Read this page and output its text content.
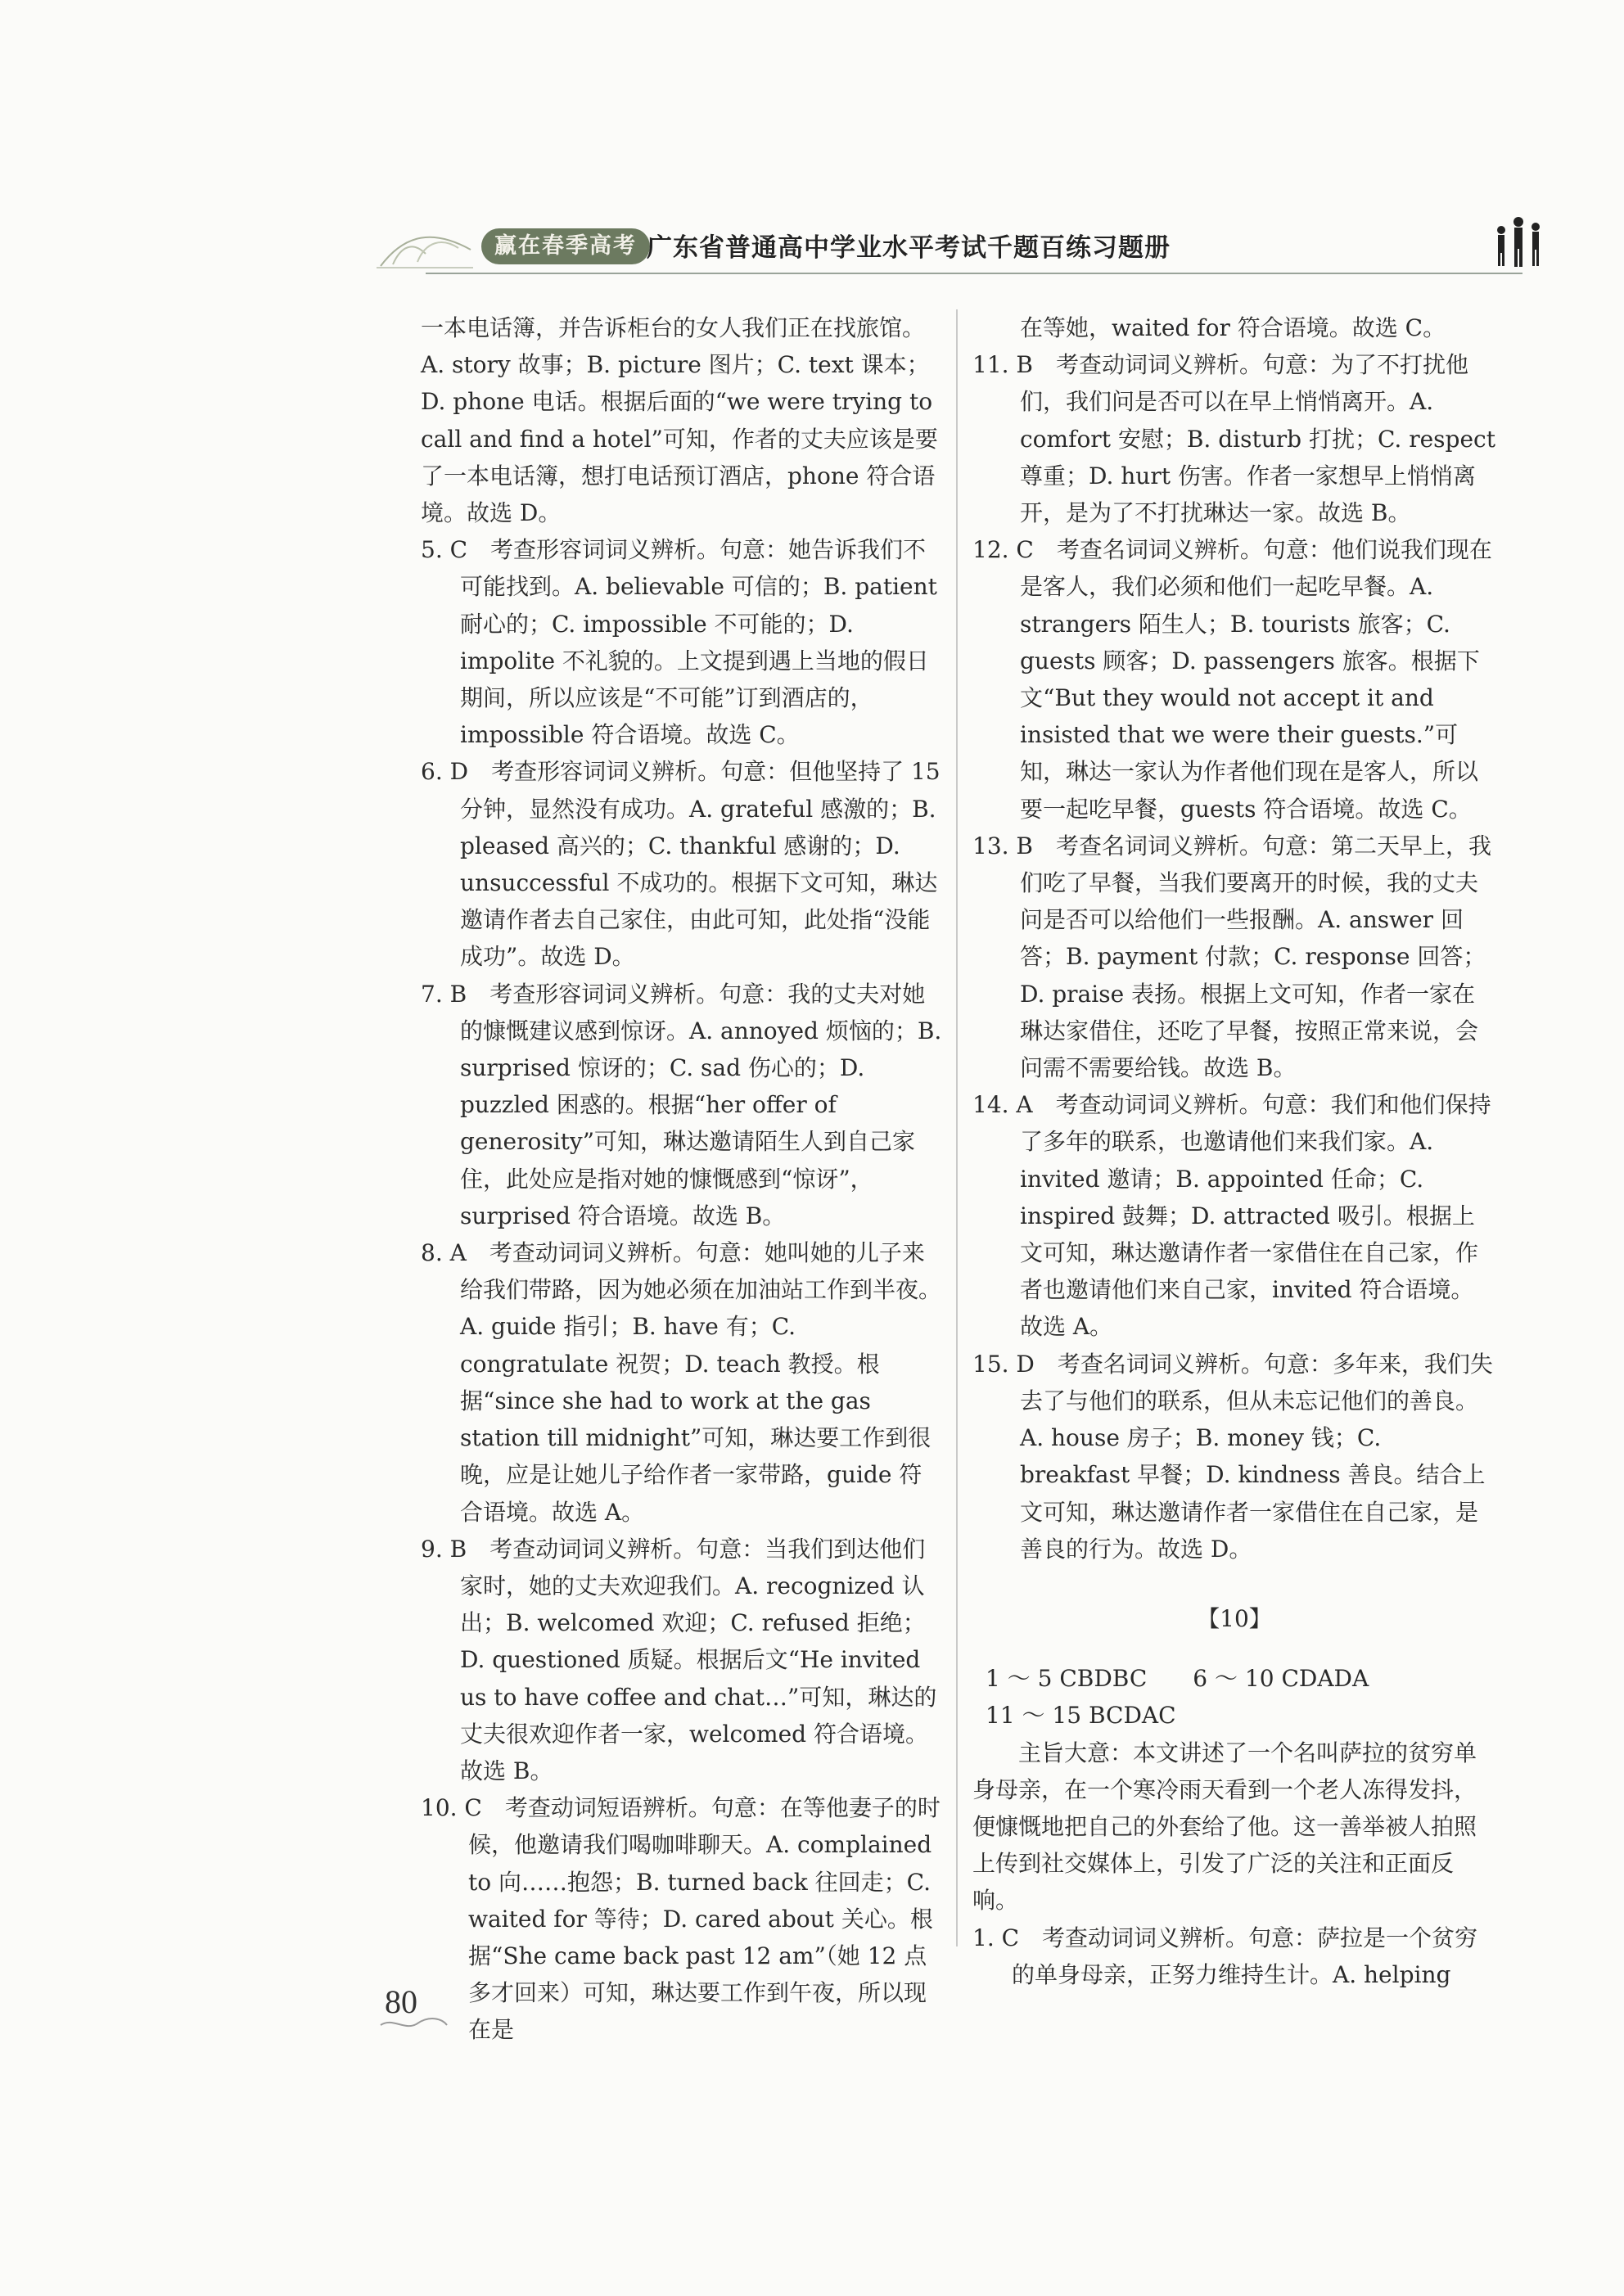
赢在春季高考 广东省普通高中学业水平考试千题百练习题册

一本电话簿，并告诉柜台的女人我们正在找旅馆。A. story 故事；B. picture 图片；C. text 课本；D. phone 电话。根据后面的“we were trying to call and find a hotel”可知，作者的丈夫应该是要了一本电话簿，想打电话预订酒店，phone 符合语境。故选 D。

5. C　考查形容词词义辨析。句意：她告诉我们不可能找到。A. believable 可信的；B. patient 耐心的；C. impossible 不可能的；D. impolite 不礼貌的。上文提到遇上当地的假日期间，所以应该是“不可能”订到酒店的，impossible 符合语境。故选 C。

6. D　考查形容词词义辨析。句意：但他坚持了 15 分钟，显然没有成功。A. grateful 感激的；B. pleased 高兴的；C. thankful 感谢的；D. unsuccessful 不成功的。根据下文可知，琳达邀请作者去自己家住，由此可知，此处指“没能成功”。故选 D。

7. B　考查形容词词义辨析。句意：我的丈夫对她的慷慨建议感到惊讶。A. annoyed 烦恼的；B. surprised 惊讶的；C. sad 伤心的；D. puzzled 困惑的。根据“her offer of generosity”可知，琳达邀请陌生人到自己家住，此处应是指对她的慷慨感到“惊讶”，surprised 符合语境。故选 B。

8. A　考查动词词义辨析。句意：她叫她的儿子来给我们带路，因为她必须在加油站工作到半夜。A. guide 指引；B. have 有；C. congratulate 祝贺；D. teach 教授。根据“since she had to work at the gas station till midnight”可知，琳达要工作到很晚，应是让她儿子给作者一家带路，guide 符合语境。故选 A。

9. B　考查动词词义辨析。句意：当我们到达他们家时，她的丈夫欢迎我们。A. recognized 认出；B. welcomed 欢迎；C. refused 拒绝；D. questioned 质疑。根据后文“He invited us to have coffee and chat…”可知，琳达的丈夫很欢迎作者一家，welcomed 符合语境。故选 B。

10. C　考查动词短语辨析。句意：在等他妻子的时候，他邀请我们喝咖啡聊天。A. complained to 向……抱怨；B. turned back 往回走；C. waited for 等待；D. cared about 关心。根据“She came back past 12 am”（她 12 点多才回来）可知，琳达要工作到午夜，所以现在是

在等她，waited for 符合语境。故选 C。

11. B　考查动词词义辨析。句意：为了不打扰他们，我们问是否可以在早上悄悄离开。A. comfort 安慰；B. disturb 打扰；C. respect 尊重；D. hurt 伤害。作者一家想早上悄悄离开，是为了不打扰琳达一家。故选 B。

12. C　考查名词词义辨析。句意：他们说我们现在是客人，我们必须和他们一起吃早餐。A. strangers 陌生人；B. tourists 旅客；C. guests 顾客；D. passengers 旅客。根据下文“But they would not accept it and insisted that we were their guests.”可知，琳达一家认为作者他们现在是客人，所以要一起吃早餐，guests 符合语境。故选 C。

13. B　考查名词词义辨析。句意：第二天早上，我们吃了早餐，当我们要离开的时候，我的丈夫问是否可以给他们一些报酬。A. answer 回答；B. payment 付款；C. response 回答；D. praise 表扬。根据上文可知，作者一家在琳达家借住，还吃了早餐，按照正常来说，会问需不需要给钱。故选 B。

14. A　考查动词词义辨析。句意：我们和他们保持了多年的联系，也邀请他们来我们家。A. invited 邀请；B. appointed 任命；C. inspired 鼓舞；D. attracted 吸引。根据上文可知，琳达邀请作者一家借住在自己家，作者也邀请他们来自己家，invited 符合语境。故选 A。

15. D　考查名词词义辨析。句意：多年来，我们失去了与他们的联系，但从未忘记他们的善良。A. house 房子；B. money 钱；C. breakfast 早餐；D. kindness 善良。结合上文可知，琳达邀请作者一家借住在自己家，是善良的行为。故选 D。

【10】

1 ～ 5 CBDBC　　6 ～ 10 CDADA

11 ～ 15 BCDAC

主旨大意：本文讲述了一个名叫萨拉的贫穷单身母亲，在一个寒冷雨天看到一个老人冻得发抖，便慷慨地把自己的外套给了他。这一善举被人拍照上传到社交媒体上，引发了广泛的关注和正面反响。

1. C　考查动词词义辨析。句意：萨拉是一个贫穷的单身母亲，正努力维持生计。A. helping

80
